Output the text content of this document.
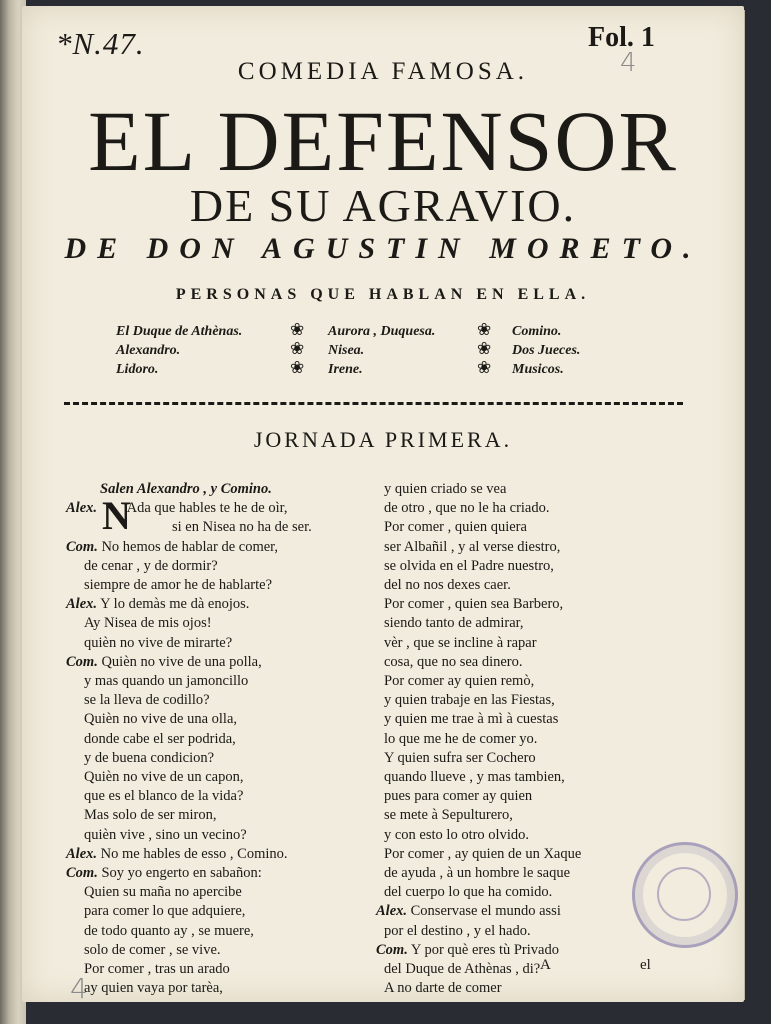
*N.47.	Fol. 1
4
COMEDIA FAMOSA.
EL DEFENSOR
DE SU AGRAVIO.
DE DON AGUSTIN MORETO.
PERSONAS QUE HABLAN EN ELLA.
El Duque de Athènas.
Alexandro.
Lidoro.
❀
❀
❀
Aurora , Duquesa.
Nisea.
Irene.
❀
❀
❀
Comino.
Dos Jueces.
Musicos.
JORNADA PRIMERA.
N
Salen Alexandro , y Comino.
Alex. Ada que hables te he de oìr,
si en Nisea no ha de ser.
Com. No hemos de hablar de comer,
de cenar , y de dormir?
siempre de amor he de hablarte?
Alex. Y lo demàs me dà enojos.
Ay Nisea de mis ojos!
quièn no vive de mirarte?
Com. Quièn no vive de una polla,
y mas quando un jamoncillo
se la lleva de codillo?
Quièn no vive de una olla,
donde cabe el ser podrida,
y de buena condicion?
Quièn no vive de un capon,
que es el blanco de la vida?
Mas solo de ser miron,
quièn vive , sino un vecino?
Alex. No me hables de esso , Comino.
Com. Soy yo engerto en sabañon:
Quien su maña no apercibe
para comer lo que adquiere,
de todo quanto ay , se muere,
solo de comer , se vive.
Por comer , tras un arado
ay quien vaya por tarèa,
y quien criado se vea
de otro , que no le ha criado.
Por comer , quien quiera
ser Albañil , y al verse diestro,
se olvida en el Padre nuestro,
del no nos dexes caer.
Por comer , quien sea Barbero,
siendo tanto de admirar,
vèr , que se incline à rapar
cosa, que no sea dinero.
Por comer ay quien remò,
y quien trabaje en las Fiestas,
y quien me trae à mì à cuestas
lo que me he de comer yo.
Y quien sufra ser Cochero
quando llueve , y mas tambien,
pues para comer ay quien
se mete à Sepulturero,
y con esto lo otro olvido.
Por comer , ay quien de un Xaque
de ayuda , à un hombre le saque
del cuerpo lo que ha comido.
Alex. Conservase el mundo assi
por el destino , y el hado.
Com. Y por què eres tù Privado
del Duque de Athènas , di?
A no darte de comer
A	el
4
